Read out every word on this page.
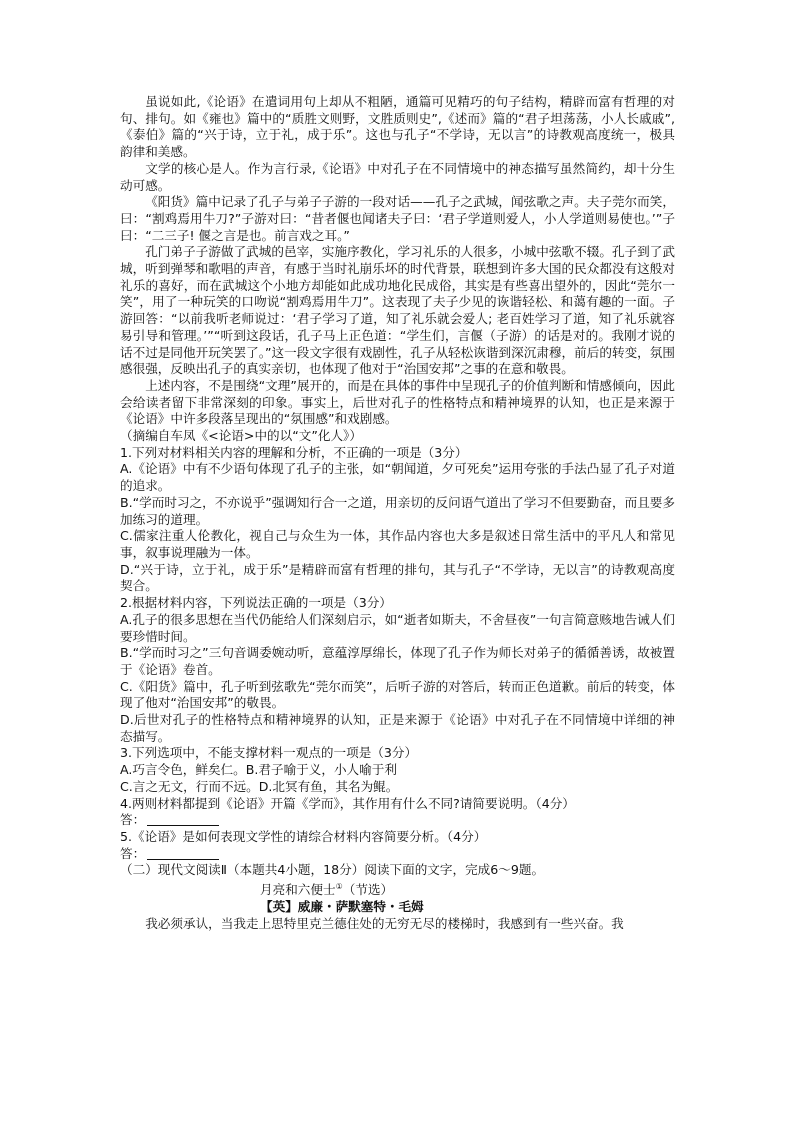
虽说如此,《论语》在遣词用句上却从不粗陋，通篇可见精巧的句子结构，精辟而富有哲理的对句、排句。如《雍也》篇中的“质胜文则野，文胜质则史”,《述而》篇的“君子坦荡荡，小人长戚戚”,《泰伯》篇的“兴于诗，立于礼，成于乐”。这也与孔子“不学诗，无以言”的诗教观高度统一，极具韵律和美感。

文学的核心是人。作为言行录,《论语》中对孔子在不同情境中的神态描写虽然简约，却十分生动可感。

《阳货》篇中记录了孔子与弟子子游的一段对话——孔子之武城，闻弦歌之声。夫子莞尔而笑，曰：“割鸡焉用牛刀?”子游对曰：“昔者偃也闻诸夫子曰：‘君子学道则爱人，小人学道则易使也。’”子曰：“二三子! 偃之言是也。前言戏之耳。”

孔门弟子子游做了武城的邑宰，实施序教化，学习礼乐的人很多，小城中弦歌不辍。孔子到了武城，听到弹琴和歌唱的声音，有感于当时礼崩乐坏的时代背景，联想到许多大国的民众都没有这般对礼乐的喜好，而在武城这个小地方却能如此成功地化民成俗，其实是有些喜出望外的，因此“莞尔一笑”，用了一种玩笑的口吻说“割鸡焉用牛刀”。这表现了夫子少见的诙谐轻松、和蔼有趣的一面。子游回答：“以前我听老师说过：‘君子学习了道，知了礼乐就会爱人; 老百姓学习了道，知了礼乐就容易引导和管理。’”“听到这段话，孔子马上正色道：“学生们，言偃（子游）的话是对的。我刚才说的话不过是同他开玩笑罢了。”这一段文字很有戏剧性，孔子从轻松诙谐到深沉肃穆，前后的转变，氛围感很强，反映出孔子的真实亲切，也体现了他对于“治国安邦”之事的在意和敬畏。

上述内容，不是围绕“文理”展开的，而是在具体的事件中呈现孔子的价值判断和情感倾向，因此会给读者留下非常深刻的印象。事实上，后世对孔子的性格特点和精神境界的认知，也正是来源于《论语》中许多段落呈现出的“氛围感”和戏剧感。

（摘编自车凤《<论语>中的以“文”化人》）

1.下列对材料相关内容的理解和分析，不正确的一项是（3分）

A.《论语》中有不少语句体现了孔子的主张，如“朝闻道，夕可死矣”运用夸张的手法凸显了孔子对道的追求。

B.“学而时习之，不亦说乎”强调知行合一之道，用亲切的反问语气道出了学习不但要勤奋，而且要多加练习的道理。

C.儒家注重人伦教化，视自己与众生为一体，其作品内容也大多是叙述日常生活中的平凡人和常见事，叙事说理融为一体。

D.“兴于诗，立于礼，成于乐”是精辟而富有哲理的排句，其与孔子“不学诗，无以言”的诗教观高度契合。

2.根据材料内容，下列说法正确的一项是（3分）

A.孔子的很多思想在当代仍能给人们深刻启示，如“逝者如斯夫，不舍昼夜”一句言简意赅地告诫人们要珍惜时间。

B.“学而时习之”三句音调委婉动听，意蕴淳厚绵长，体现了孔子作为师长对弟子的循循善诱，故被置于《论语》卷首。

C.《阳货》篇中，孔子听到弦歌先“莞尔而笑”，后听子游的对答后，转而正色道歉。前后的转变，体现了他对“治国安邦”的敬畏。

D.后世对孔子的性格特点和精神境界的认知，正是来源于《论语》中对孔子在不同情境中详细的神态描写。

3.下列选项中，不能支撑材料一观点的一项是（3分）

A.巧言令色，鲜矣仁。B.君子喻于义，小人喻于利

C.言之无文，行而不远。D.北冥有鱼，其名为鲲。

4.两则材料都提到《论语》开篇《学而》，其作用有什么不同?请简要说明。（4分）

答：

5.《论语》是如何表现文学性的请综合材料内容简要分析。（4分）

答：

（二）现代文阅读Ⅱ（本题共4小题，18分）阅读下面的文字，完成6～9题。

月亮和六便士①（节选）

【英】威廉・萨默塞特・毛姆

我必须承认，当我走上思特里克兰德住处的无穷无尽的楼梯时，我感到有一些兴奋。我
